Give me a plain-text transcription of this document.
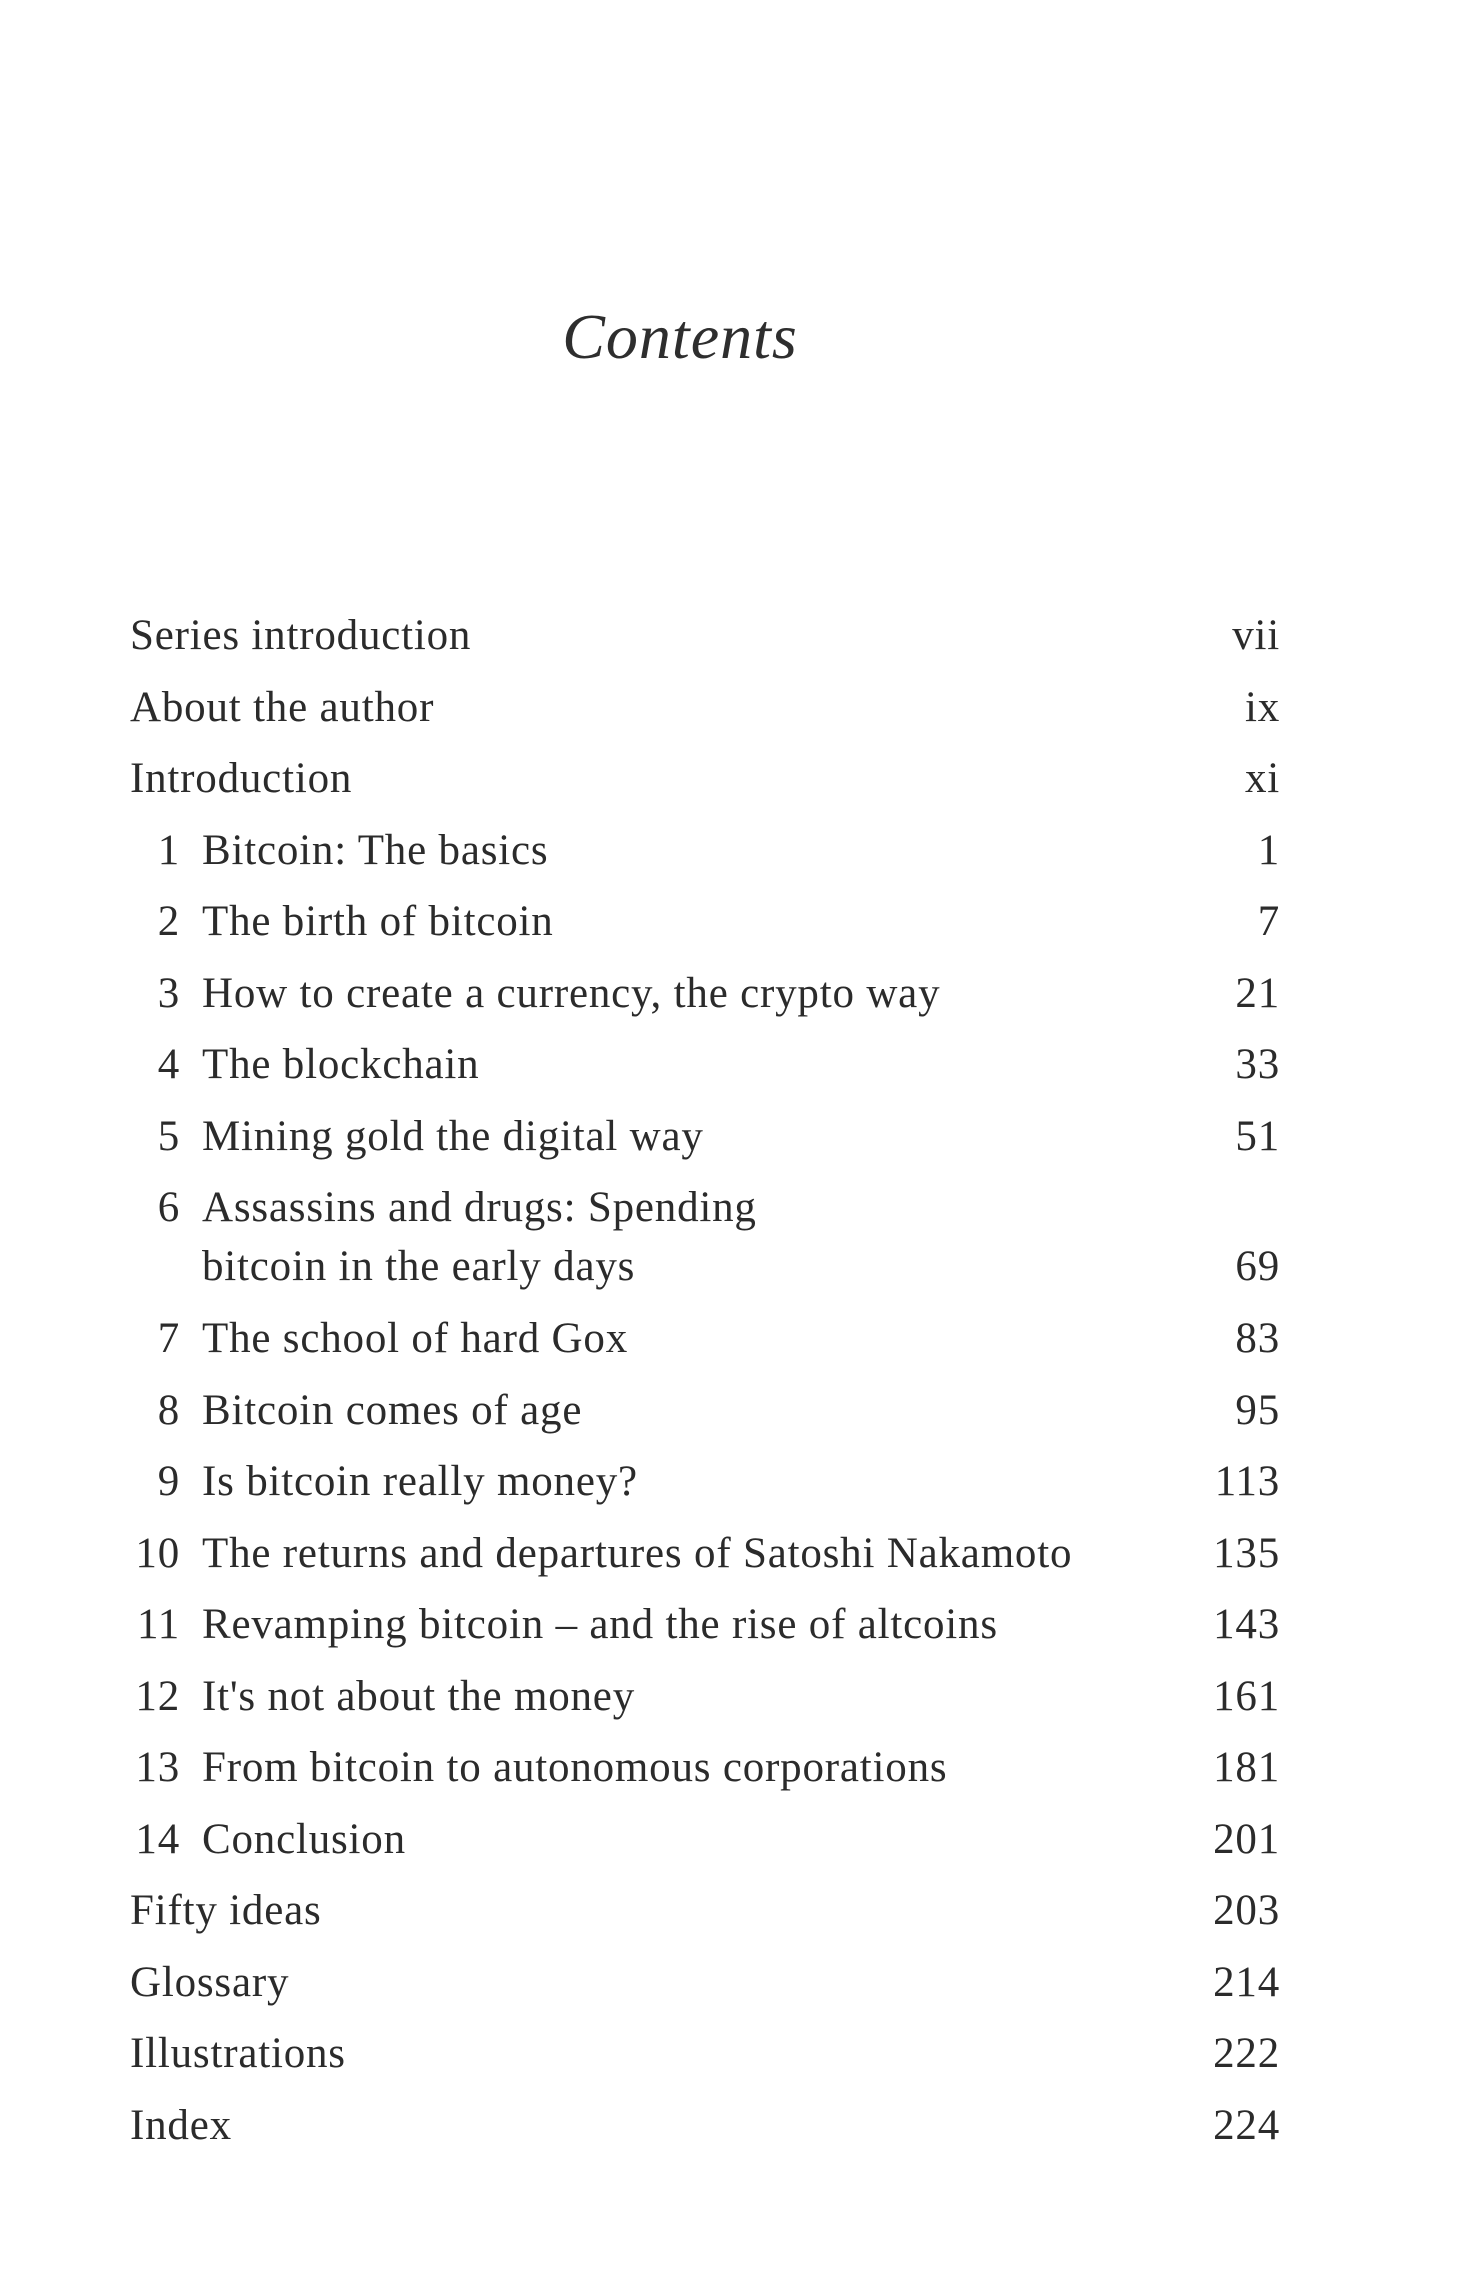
Contents
Series introduction	vii
About the author	ix
Introduction	xi
1 Bitcoin: The basics	1
2 The birth of bitcoin	7
3 How to create a currency, the crypto way	21
4 The blockchain	33
5 Mining gold the digital way	51
6 Assassins and drugs: Spending bitcoin in the early days	69
7 The school of hard Gox	83
8 Bitcoin comes of age	95
9 Is bitcoin really money?	113
10 The returns and departures of Satoshi Nakamoto	135
11 Revamping bitcoin – and the rise of altcoins	143
12 It's not about the money	161
13 From bitcoin to autonomous corporations	181
14 Conclusion	201
Fifty ideas	203
Glossary	214
Illustrations	222
Index	224
